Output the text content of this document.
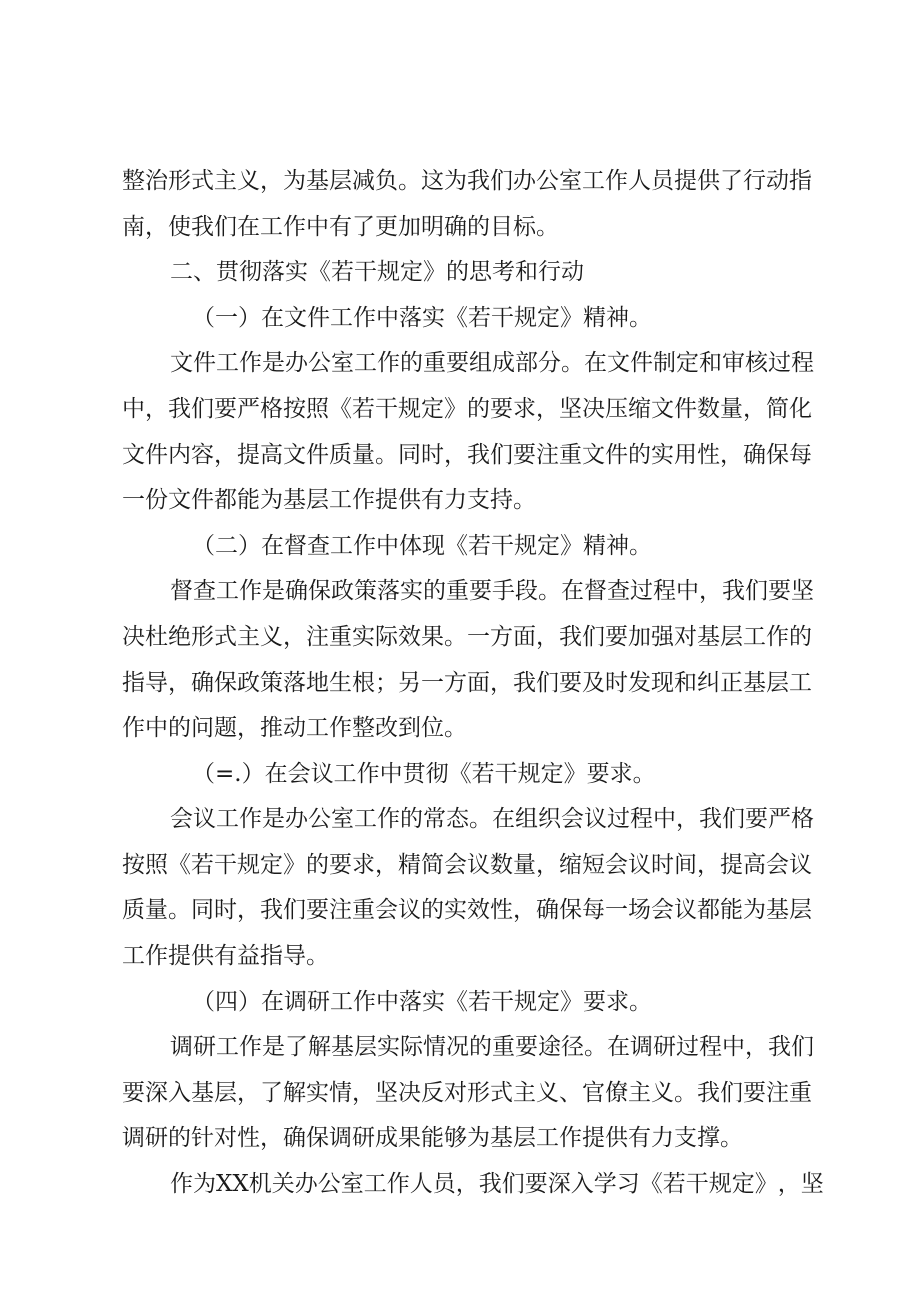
整 治 形 式 主 义 ， 为 基 层 减 负 。 这 为 我 们 办 公 室 工 作 人 员 提 供 了 行 动 指
南，使我们在工作中有了更加明确的目标。
二、贯彻落实《若干规定》的思考和行动
（一）在文件工作中落实《若干规定》精神。
文 件 工 作 是 办 公 室 工 作 的 重 要 组 成 部 分 。 在 文 件 制 定 和 审 核 过 程
中 ， 我 们 要 严 格 按 照 《 若 干 规 定 》 的 要 求 ， 坚 决 压 缩 文 件 数 量 ， 简 化
文 件 内 容 ， 提 高 文 件 质 量 。 同 时 ， 我 们 要 注 重 文 件 的 实 用 性 ， 确 保 每
一份文件都能为基层工作提供有力支持。
（二）在督查工作中体现《若干规定》精神。
督 查 工 作 是 确 保 政 策 落 实 的 重 要 手 段 。 在 督 查 过 程 中 ， 我 们 要 坚
决 杜 绝 形 式 主 义 ， 注 重 实 际 效 果 。 一 方 面 ， 我 们 要 加 强 对 基 层 工 作 的
指 导 ， 确 保 政 策 落 地 生 根 ； 另 一 方 面 ， 我 们 要 及 时 发 现 和 纠 正 基 层 工
作中的问题，推动工作整改到位。
（=.）在会议工作中贯彻《若干规定》要求。
会 议 工 作 是 办 公 室 工 作 的 常 态 。 在 组 织 会 议 过 程 中 ， 我 们 要 严 格
按 照 《 若 干 规 定 》 的 要 求 ， 精 简 会 议 数 量 ， 缩 短 会 议 时 间 ， 提 高 会 议
质 量 。 同 时 ， 我 们 要 注 重 会 议 的 实 效 性 ， 确 保 每 一 场 会 议 都 能 为 基 层
工作提供有益指导。
（四）在调研工作中落实《若干规定》要求。
调 研 工 作 是 了 解 基 层 实 际 情 况 的 重 要 途 径 。 在 调 研 过 程 中 ， 我 们
要 深 入 基 层 ， 了 解 实 情 ， 坚 决 反 对 形 式 主 义 、 官 僚 主 义 。 我 们 要 注 重
调研的针对性，确保调研成果能够为基层工作提供有力支撑。
作 为 X X 机 关 办 公 室 工 作 人 员 ， 我 们 要 深 入 学 习 《 若 干 规 定 》 ， 坚
